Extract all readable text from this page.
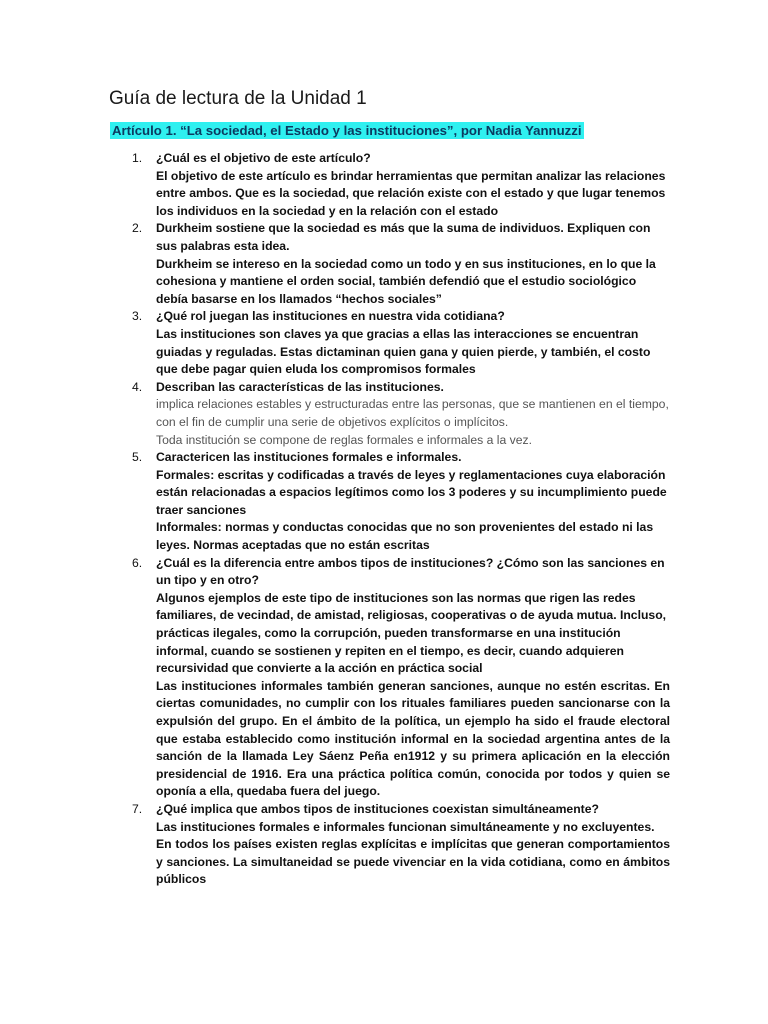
Guía de lectura de la Unidad 1
Artículo 1. “La sociedad, el Estado y las instituciones”, por Nadia Yannuzzi
1. ¿Cuál es el objetivo de este artículo?
El objetivo de este artículo es brindar herramientas que permitan analizar las relaciones entre ambos. Que es la sociedad, que relación existe con el estado y que lugar tenemos los individuos en la sociedad y en la relación con el estado
2. Durkheim sostiene que la sociedad es más que la suma de individuos. Expliquen con sus palabras esta idea.
Durkheim se intereso en la sociedad como un todo y en sus instituciones, en lo que la cohesiona y mantiene el orden social, también defendió que el estudio sociológico debía basarse en los llamados “hechos sociales”
3. ¿Qué rol juegan las instituciones en nuestra vida cotidiana?
Las instituciones son claves ya que gracias a ellas las interacciones se encuentran guiadas y reguladas. Estas dictaminan quien gana y quien pierde, y también, el costo que debe pagar quien eluda los compromisos formales
4. Describan las características de las instituciones.
implica relaciones estables y estructuradas entre las personas, que se mantienen en el tiempo, con el fin de cumplir una serie de objetivos explícitos o implícitos.
Toda institución se compone de reglas formales e informales a la vez.
5. Caractericen las instituciones formales e informales.
Formales: escritas y codificadas a través de leyes y reglamentaciones cuya elaboración están relacionadas a espacios legítimos como los 3 poderes y su incumplimiento puede traer sanciones
Informales: normas y conductas conocidas que no son provenientes del estado ni las leyes. Normas aceptadas que no están escritas
6. ¿Cuál es la diferencia entre ambos tipos de instituciones? ¿Cómo son las sanciones en un tipo y en otro?
Algunos ejemplos de este tipo de instituciones son las normas que rigen las redes familiares, de vecindad, de amistad, religiosas, cooperativas o de ayuda mutua. Incluso, prácticas ilegales, como la corrupción, pueden transformarse en una institución informal, cuando se sostienen y repiten en el tiempo, es decir, cuando adquieren recursividad que convierte a la acción en práctica social
Las instituciones informales también generan sanciones, aunque no estén escritas. En ciertas comunidades, no cumplir con los rituales familiares pueden sancionarse con la expulsión del grupo. En el ámbito de la política, un ejemplo ha sido el fraude electoral que estaba establecido como institución informal en la sociedad argentina antes de la sanción de la llamada Ley Sáenz Peña en1912 y su primera aplicación en la elección presidencial de 1916. Era una práctica política común, conocida por todos y quien se oponía a ella, quedaba fuera del juego.
7. ¿Qué implica que ambos tipos de instituciones coexistan simultáneamente?
Las instituciones formales e informales funcionan simultáneamente y no excluyentes.
En todos los países existen reglas explícitas e implícitas que generan comportamientos y sanciones. La simultaneidad se puede vivenciar en la vida cotidiana, como en ámbitos públicos
